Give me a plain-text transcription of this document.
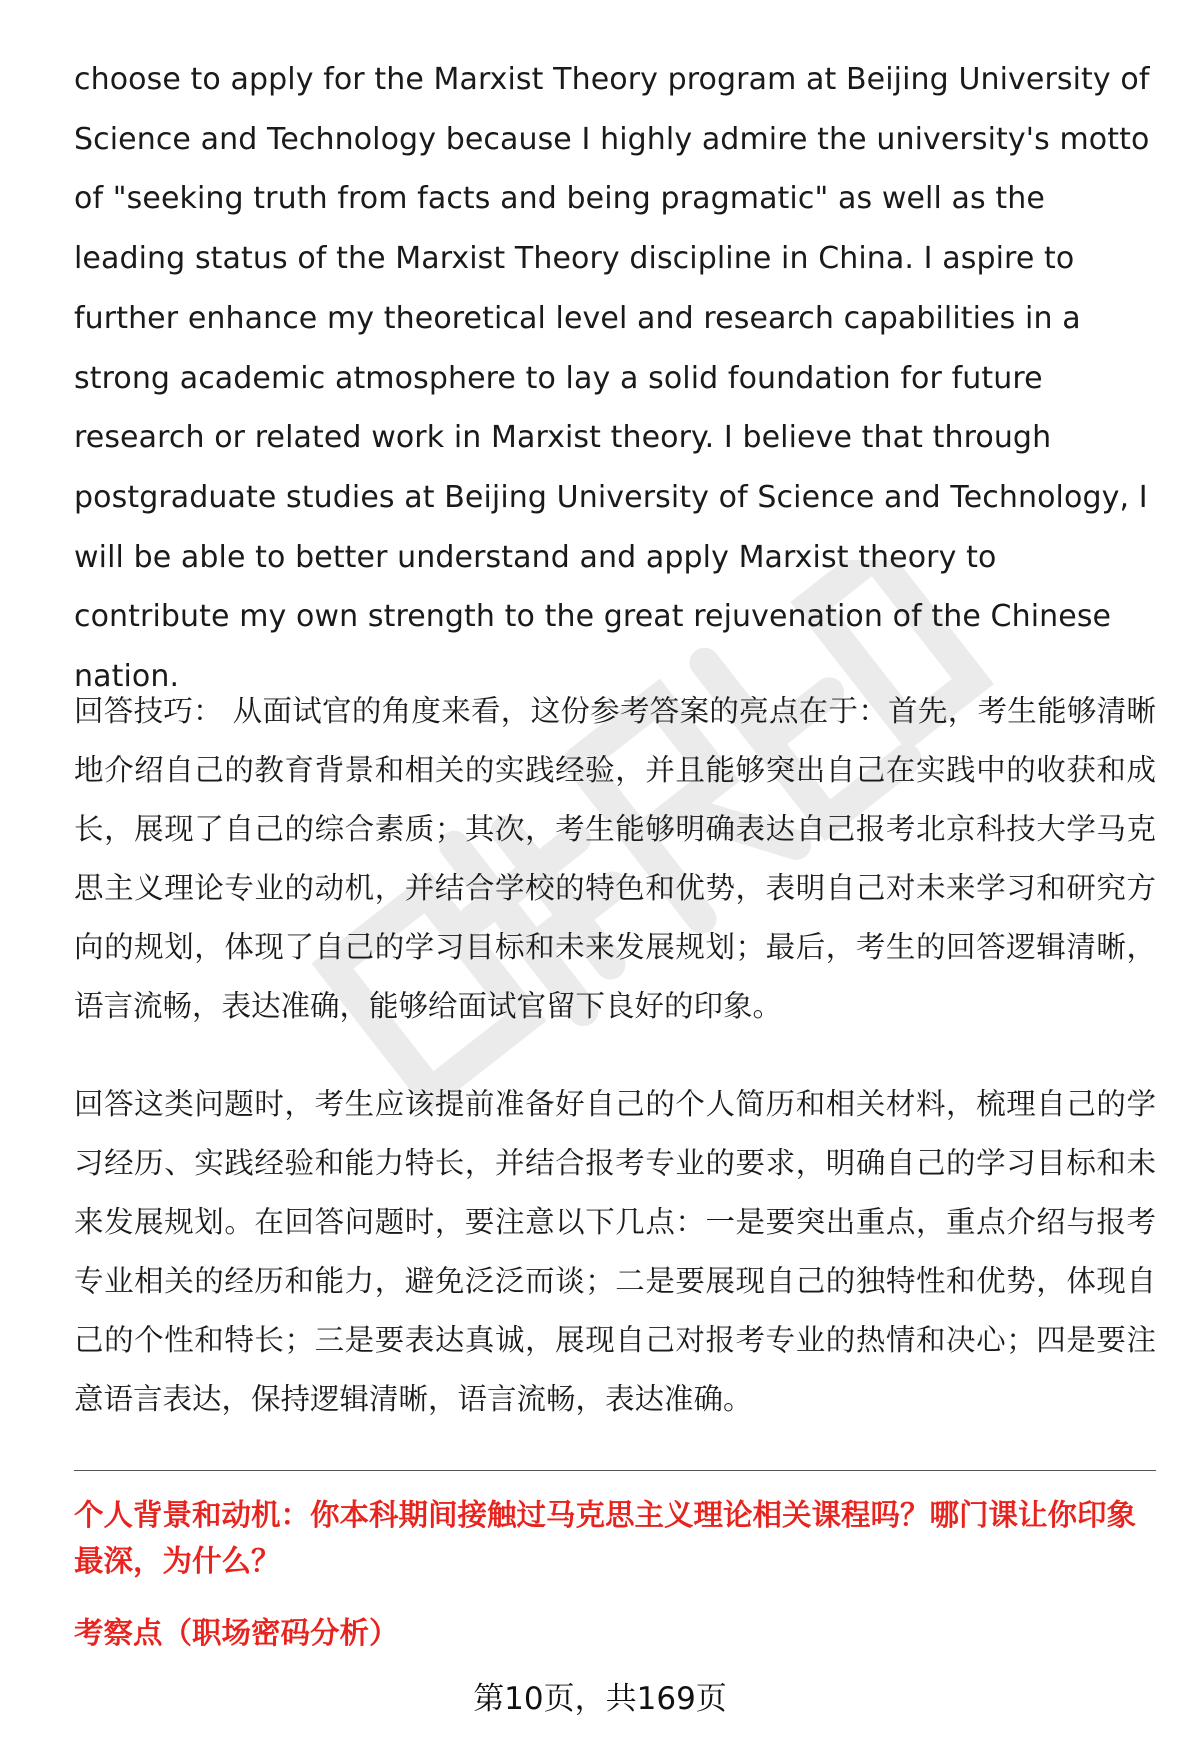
choose to apply for the Marxist Theory program at Beijing University of Science and Technology because I highly admire the university's motto of "seeking truth from facts and being pragmatic" as well as the leading status of the Marxist Theory discipline in China. I aspire to further enhance my theoretical level and research capabilities in a strong academic atmosphere to lay a solid foundation for future research or related work in Marxist theory. I believe that through postgraduate studies at Beijing University of Science and Technology, I will be able to better understand and apply Marxist theory to contribute my own strength to the great rejuvenation of the Chinese nation.

回答技巧： 从面试官的角度来看，这份参考答案的亮点在于：首先，考生能够清晰地介绍自己的教育背景和相关的实践经验，并且能够突出自己在实践中的收获和成长，展现了自己的综合素质；其次，考生能够明确表达自己报考北京科技大学马克思主义理论专业的动机，并结合学校的特色和优势，表明自己对未来学习和研究方向的规划，体现了自己的学习目标和未来发展规划；最后，考生的回答逻辑清晰，语言流畅，表达准确，能够给面试官留下良好的印象。

回答这类问题时，考生应该提前准备好自己的个人简历和相关材料，梳理自己的学习经历、实践经验和能力特长，并结合报考专业的要求，明确自己的学习目标和未来发展规划。在回答问题时，要注意以下几点：一是要突出重点，重点介绍与报考专业相关的经历和能力，避免泛泛而谈；二是要展现自己的独特性和优势，体现自己的个性和特长；三是要表达真诚，展现自己对报考专业的热情和决心；四是要注意语言表达，保持逻辑清晰，语言流畅，表达准确。

个人背景和动机：你本科期间接触过马克思主义理论相关课程吗？哪门课让你印象最深，为什么？

考察点（职场密码分析）

第10页，共169页
